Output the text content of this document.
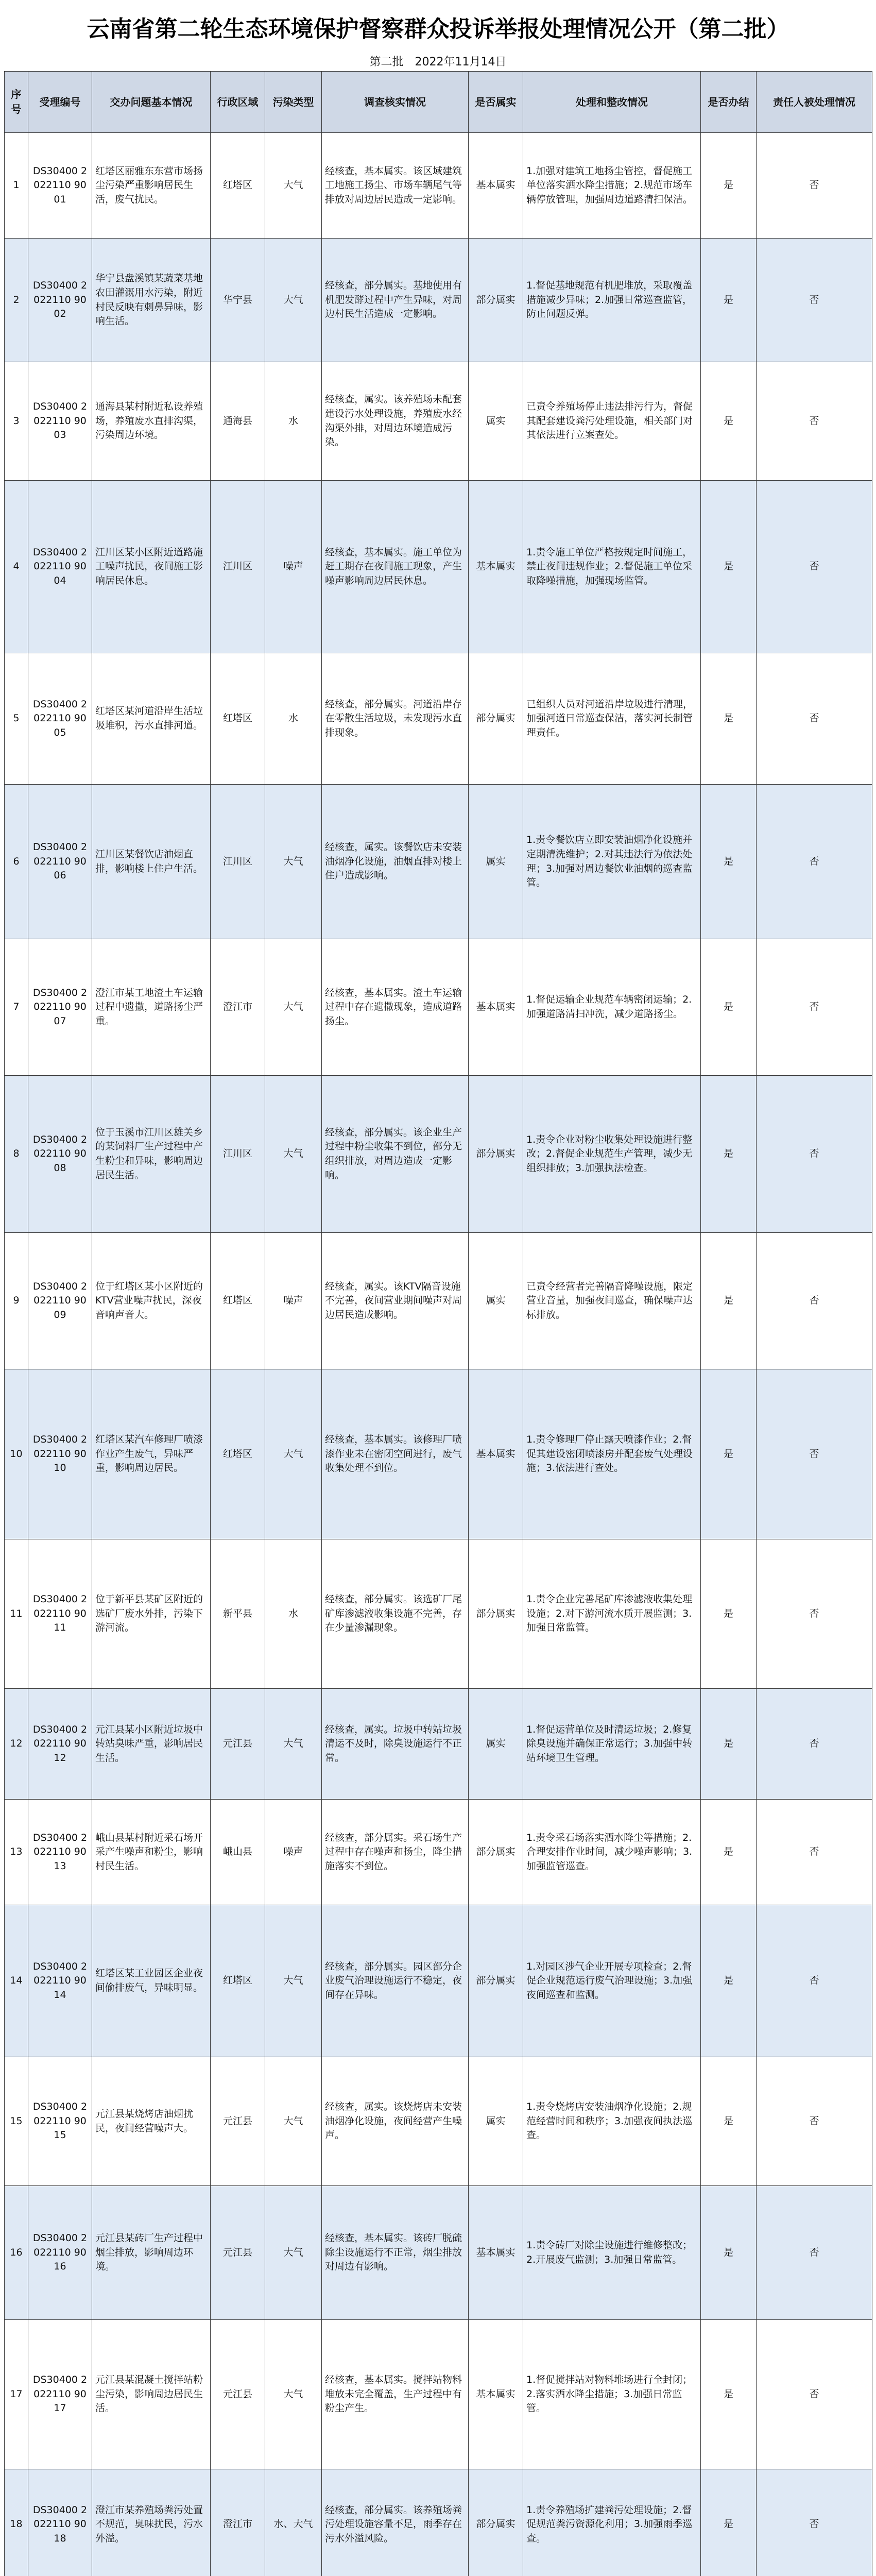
云南省第二轮生态环境保护督察群众投诉举报处理情况公开（第二批）
第二批　2022年11月14日
序号	受理编号	交办问题基本情况	行政区域	污染类型	调查核实情况	是否属实	处理和整改情况	是否办结	责任人被处理情况
1	DS30400 2022110 9001	红塔区丽雅东东营市场扬尘污染严重影响居民生活，废气扰民。	红塔区	大气	经核查，基本属实。该区域建筑工地施工扬尘、市场车辆尾气等排放对周边居民造成一定影响。	基本属实	1.加强对建筑工地扬尘管控，督促施工单位落实洒水降尘措施；2.规范市场车辆停放管理，加强周边道路清扫保洁。	是	否
2	DS30400 2022110 9002	华宁县盘溪镇某蔬菜基地农田灌溉用水污染，附近村民反映有刺鼻异味，影响生活。	华宁县	大气	经核查，部分属实。基地使用有机肥发酵过程中产生异味，对周边村民生活造成一定影响。	部分属实	1.督促基地规范有机肥堆放，采取覆盖措施减少异味；2.加强日常巡查监管，防止问题反弹。	是	否
3	DS30400 2022110 9003	通海县某村附近私设养殖场，养殖废水直排沟渠，污染周边环境。	通海县	水	经核查，属实。该养殖场未配套建设污水处理设施，养殖废水经沟渠外排，对周边环境造成污染。	属实	已责令养殖场停止违法排污行为，督促其配套建设粪污处理设施，相关部门对其依法进行立案查处。	是	否
4	DS30400 2022110 9004	江川区某小区附近道路施工噪声扰民，夜间施工影响居民休息。	江川区	噪声	经核查，基本属实。施工单位为赶工期存在夜间施工现象，产生噪声影响周边居民休息。	基本属实	1.责令施工单位严格按规定时间施工，禁止夜间违规作业；2.督促施工单位采取降噪措施，加强现场监管。	是	否
5	DS30400 2022110 9005	红塔区某河道沿岸生活垃圾堆积，污水直排河道。	红塔区	水	经核查，部分属实。河道沿岸存在零散生活垃圾，未发现污水直排现象。	部分属实	已组织人员对河道沿岸垃圾进行清理，加强河道日常巡查保洁，落实河长制管理责任。	是	否
6	DS30400 2022110 9006	江川区某餐饮店油烟直排，影响楼上住户生活。	江川区	大气	经核查，属实。该餐饮店未安装油烟净化设施，油烟直排对楼上住户造成影响。	属实	1.责令餐饮店立即安装油烟净化设施并定期清洗维护；2.对其违法行为依法处理；3.加强对周边餐饮业油烟的巡查监管。	是	否
7	DS30400 2022110 9007	澄江市某工地渣土车运输过程中遗撒，道路扬尘严重。	澄江市	大气	经核查，基本属实。渣土车运输过程中存在遗撒现象，造成道路扬尘。	基本属实	1.督促运输企业规范车辆密闭运输；2.加强道路清扫冲洗，减少道路扬尘。	是	否
8	DS30400 2022110 9008	位于玉溪市江川区雄关乡的某饲料厂生产过程中产生粉尘和异味，影响周边居民生活。	江川区	大气	经核查，部分属实。该企业生产过程中粉尘收集不到位，部分无组织排放，对周边造成一定影响。	部分属实	1.责令企业对粉尘收集处理设施进行整改；2.督促企业规范生产管理，减少无组织排放；3.加强执法检查。	是	否
9	DS30400 2022110 9009	位于红塔区某小区附近的KTV营业噪声扰民，深夜音响声音大。	红塔区	噪声	经核查，属实。该KTV隔音设施不完善，夜间营业期间噪声对周边居民造成影响。	属实	已责令经营者完善隔音降噪设施，限定营业音量，加强夜间巡查，确保噪声达标排放。	是	否
10	DS30400 2022110 9010	红塔区某汽车修理厂喷漆作业产生废气，异味严重，影响周边居民。	红塔区	大气	经核查，基本属实。该修理厂喷漆作业未在密闭空间进行，废气收集处理不到位。	基本属实	1.责令修理厂停止露天喷漆作业；2.督促其建设密闭喷漆房并配套废气处理设施；3.依法进行查处。	是	否
11	DS30400 2022110 9011	位于新平县某矿区附近的选矿厂废水外排，污染下游河流。	新平县	水	经核查，部分属实。该选矿厂尾矿库渗滤液收集设施不完善，存在少量渗漏现象。	部分属实	1.责令企业完善尾矿库渗滤液收集处理设施；2.对下游河流水质开展监测；3.加强日常监管。	是	否
12	DS30400 2022110 9012	元江县某小区附近垃圾中转站臭味严重，影响居民生活。	元江县	大气	经核查，属实。垃圾中转站垃圾清运不及时，除臭设施运行不正常。	属实	1.督促运营单位及时清运垃圾；2.修复除臭设施并确保正常运行；3.加强中转站环境卫生管理。	是	否
13	DS30400 2022110 9013	峨山县某村附近采石场开采产生噪声和粉尘，影响村民生活。	峨山县	噪声	经核查，部分属实。采石场生产过程中存在噪声和扬尘，降尘措施落实不到位。	部分属实	1.责令采石场落实洒水降尘等措施；2.合理安排作业时间，减少噪声影响；3.加强监管巡查。	是	否
14	DS30400 2022110 9014	红塔区某工业园区企业夜间偷排废气，异味明显。	红塔区	大气	经核查，部分属实。园区部分企业废气治理设施运行不稳定，夜间存在异味。	部分属实	1.对园区涉气企业开展专项检查；2.督促企业规范运行废气治理设施；3.加强夜间巡查和监测。	是	否
15	DS30400 2022110 9015	元江县某烧烤店油烟扰民，夜间经营噪声大。	元江县	大气	经核查，属实。该烧烤店未安装油烟净化设施，夜间经营产生噪声。	属实	1.责令烧烤店安装油烟净化设施；2.规范经营时间和秩序；3.加强夜间执法巡查。	是	否
16	DS30400 2022110 9016	元江县某砖厂生产过程中烟尘排放，影响周边环境。	元江县	大气	经核查，基本属实。该砖厂脱硫除尘设施运行不正常，烟尘排放对周边有影响。	基本属实	1.责令砖厂对除尘设施进行维修整改；2.开展废气监测；3.加强日常监管。	是	否
17	DS30400 2022110 9017	元江县某混凝土搅拌站粉尘污染，影响周边居民生活。	元江县	大气	经核查，基本属实。搅拌站物料堆放未完全覆盖，生产过程中有粉尘产生。	基本属实	1.督促搅拌站对物料堆场进行全封闭；2.落实洒水降尘措施；3.加强日常监管。	是	否
18	DS30400 2022110 9018	澄江市某养殖场粪污处置不规范，臭味扰民，污水外溢。	澄江市	水、大气	经核查，部分属实。该养殖场粪污处理设施容量不足，雨季存在污水外溢风险。	部分属实	1.责令养殖场扩建粪污处理设施；2.督促规范粪污资源化利用；3.加强雨季巡查。	是	否
